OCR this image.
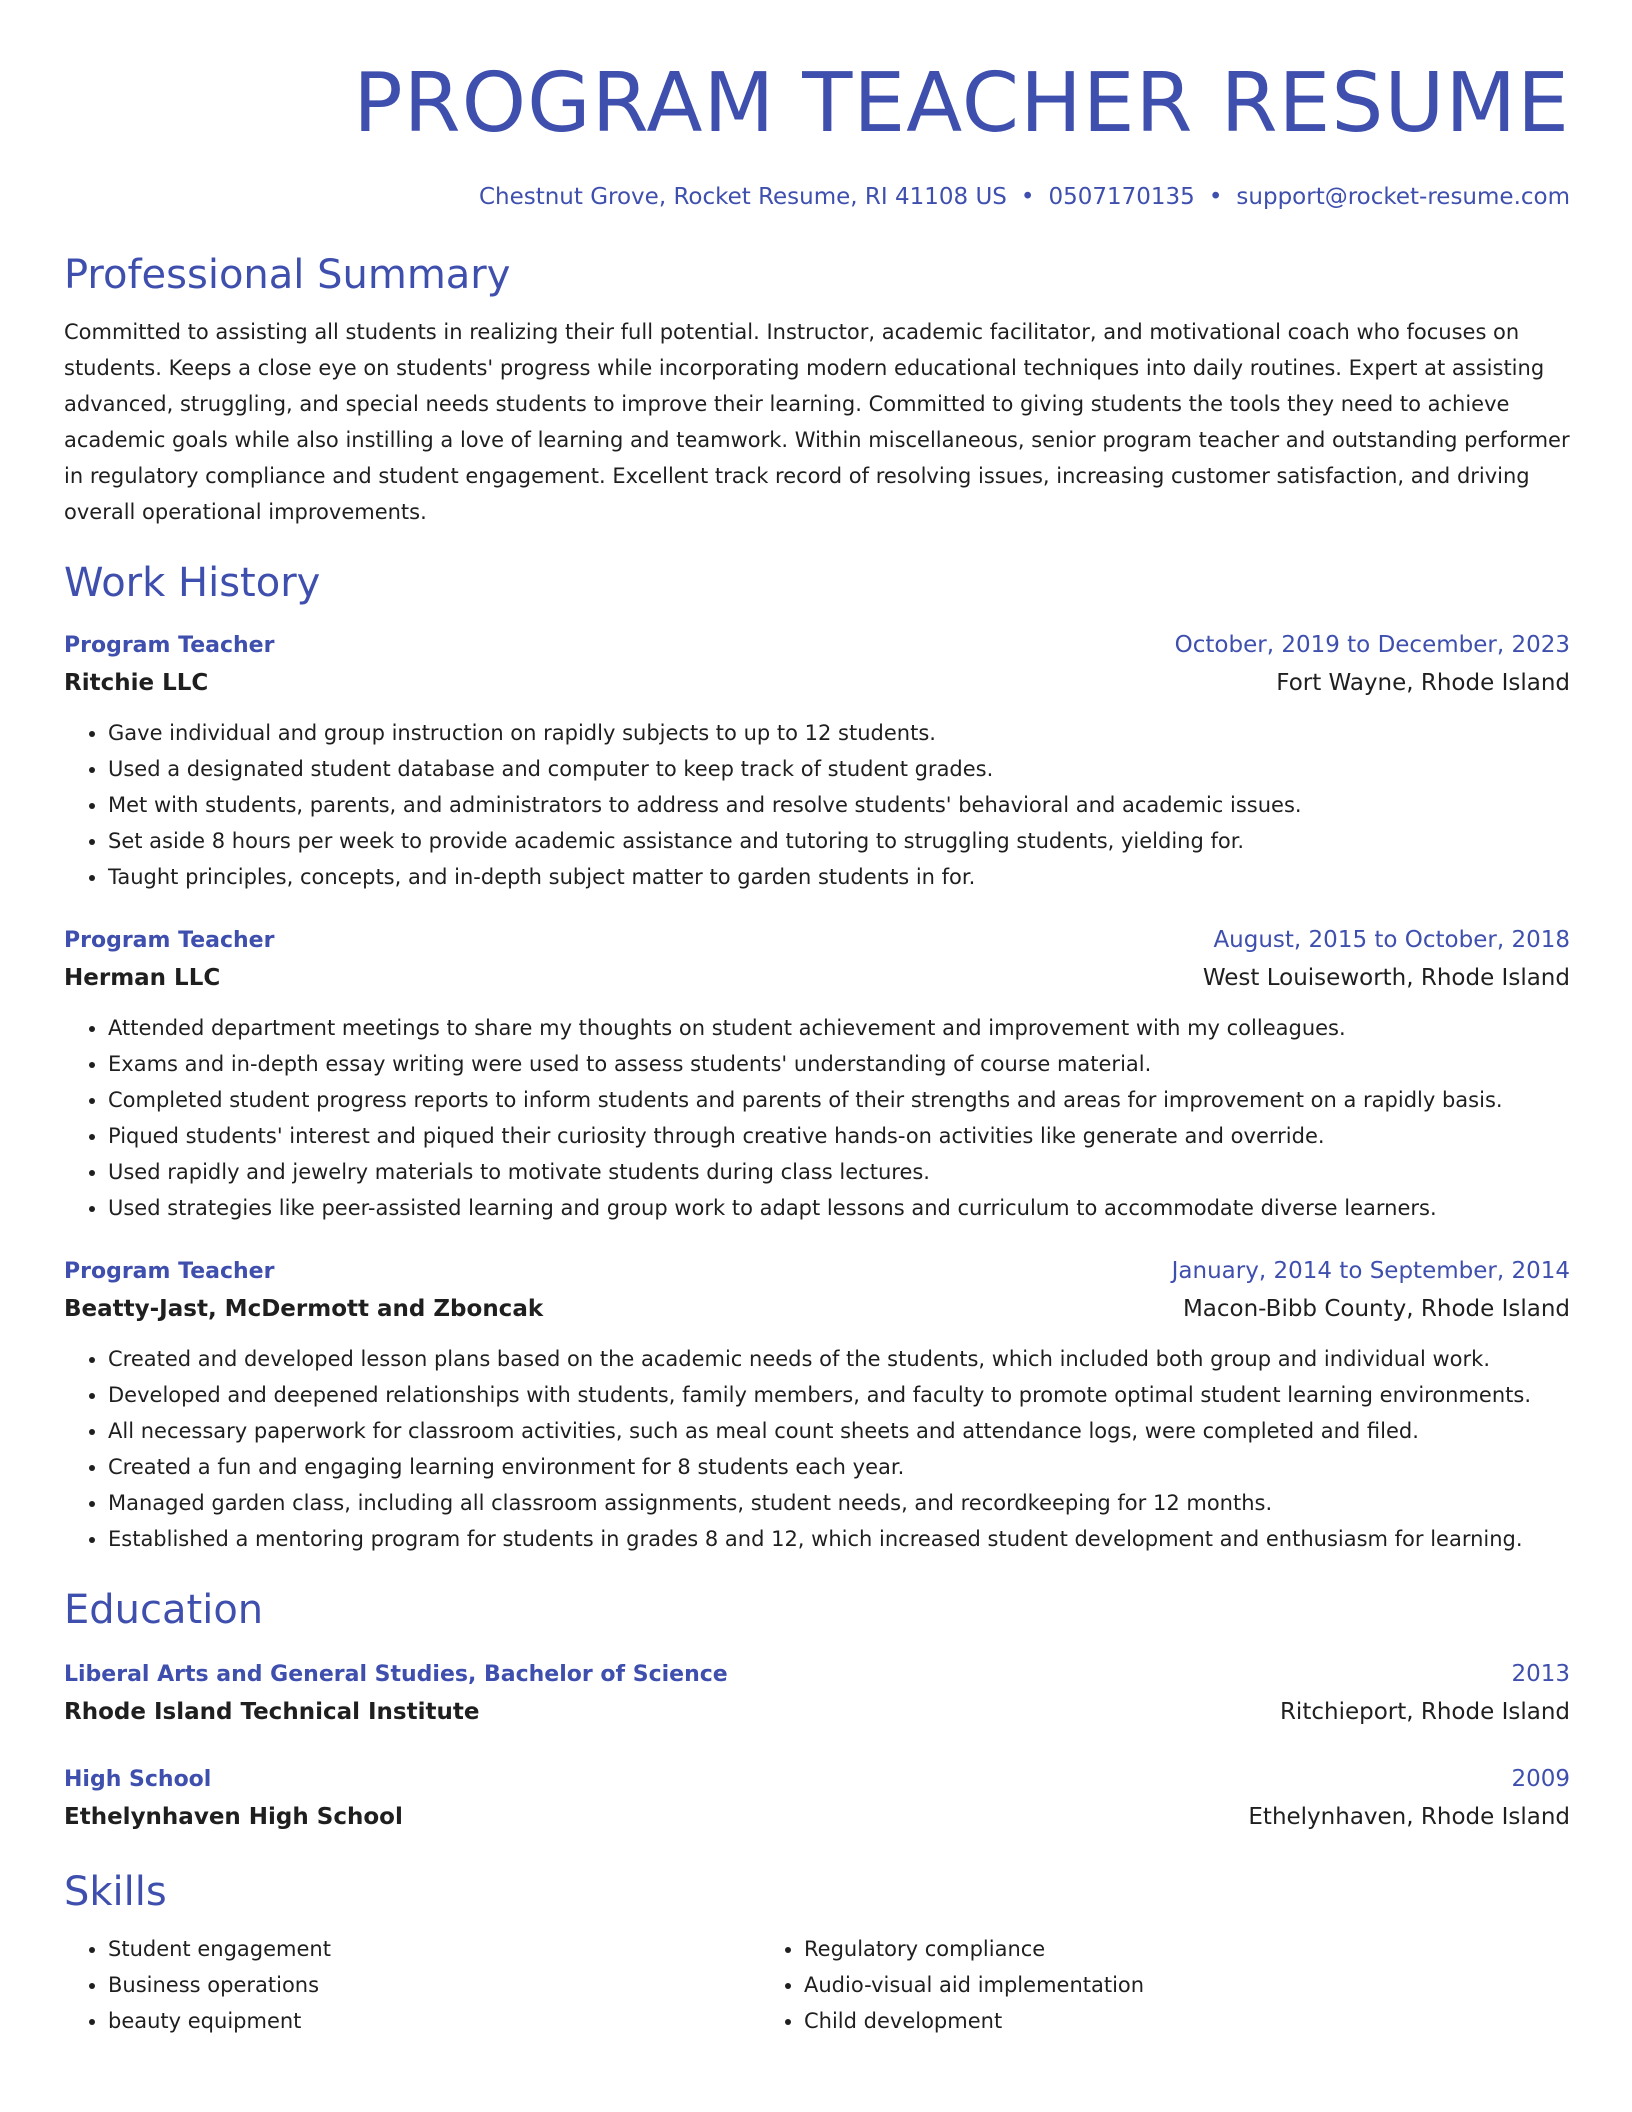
PROGRAM TEACHER RESUME
Chestnut Grove, Rocket Resume, RI 41108 US • 0507170135 • support@rocket-resume.com
Professional Summary
Committed to assisting all students in realizing their full potential. Instructor, academic facilitator, and motivational coach who focuses on students. Keeps a close eye on students' progress while incorporating modern educational techniques into daily routines. Expert at assisting advanced, struggling, and special needs students to improve their learning. Committed to giving students the tools they need to achieve academic goals while also instilling a love of learning and teamwork. Within miscellaneous, senior program teacher and outstanding performer in regulatory compliance and student engagement. Excellent track record of resolving issues, increasing customer satisfaction, and driving overall operational improvements.
Work History
Program Teacher	October, 2019 to December, 2023
Ritchie LLC	Fort Wayne, Rhode Island
• Gave individual and group instruction on rapidly subjects to up to 12 students.
• Used a designated student database and computer to keep track of student grades.
• Met with students, parents, and administrators to address and resolve students' behavioral and academic issues.
• Set aside 8 hours per week to provide academic assistance and tutoring to struggling students, yielding for.
• Taught principles, concepts, and in-depth subject matter to garden students in for.
Program Teacher	August, 2015 to October, 2018
Herman LLC	West Louiseworth, Rhode Island
• Attended department meetings to share my thoughts on student achievement and improvement with my colleagues.
• Exams and in-depth essay writing were used to assess students' understanding of course material.
• Completed student progress reports to inform students and parents of their strengths and areas for improvement on a rapidly basis.
• Piqued students' interest and piqued their curiosity through creative hands-on activities like generate and override.
• Used rapidly and jewelry materials to motivate students during class lectures.
• Used strategies like peer-assisted learning and group work to adapt lessons and curriculum to accommodate diverse learners.
Program Teacher	January, 2014 to September, 2014
Beatty-Jast, McDermott and Zboncak	Macon-Bibb County, Rhode Island
• Created and developed lesson plans based on the academic needs of the students, which included both group and individual work.
• Developed and deepened relationships with students, family members, and faculty to promote optimal student learning environments.
• All necessary paperwork for classroom activities, such as meal count sheets and attendance logs, were completed and filed.
• Created a fun and engaging learning environment for 8 students each year.
• Managed garden class, including all classroom assignments, student needs, and recordkeeping for 12 months.
• Established a mentoring program for students in grades 8 and 12, which increased student development and enthusiasm for learning.
Education
Liberal Arts and General Studies, Bachelor of Science	2013
Rhode Island Technical Institute	Ritchieport, Rhode Island
High School	2009
Ethelynhaven High School	Ethelynhaven, Rhode Island
Skills
• Student engagement
• Business operations
• beauty equipment
• Regulatory compliance
• Audio-visual aid implementation
• Child development
